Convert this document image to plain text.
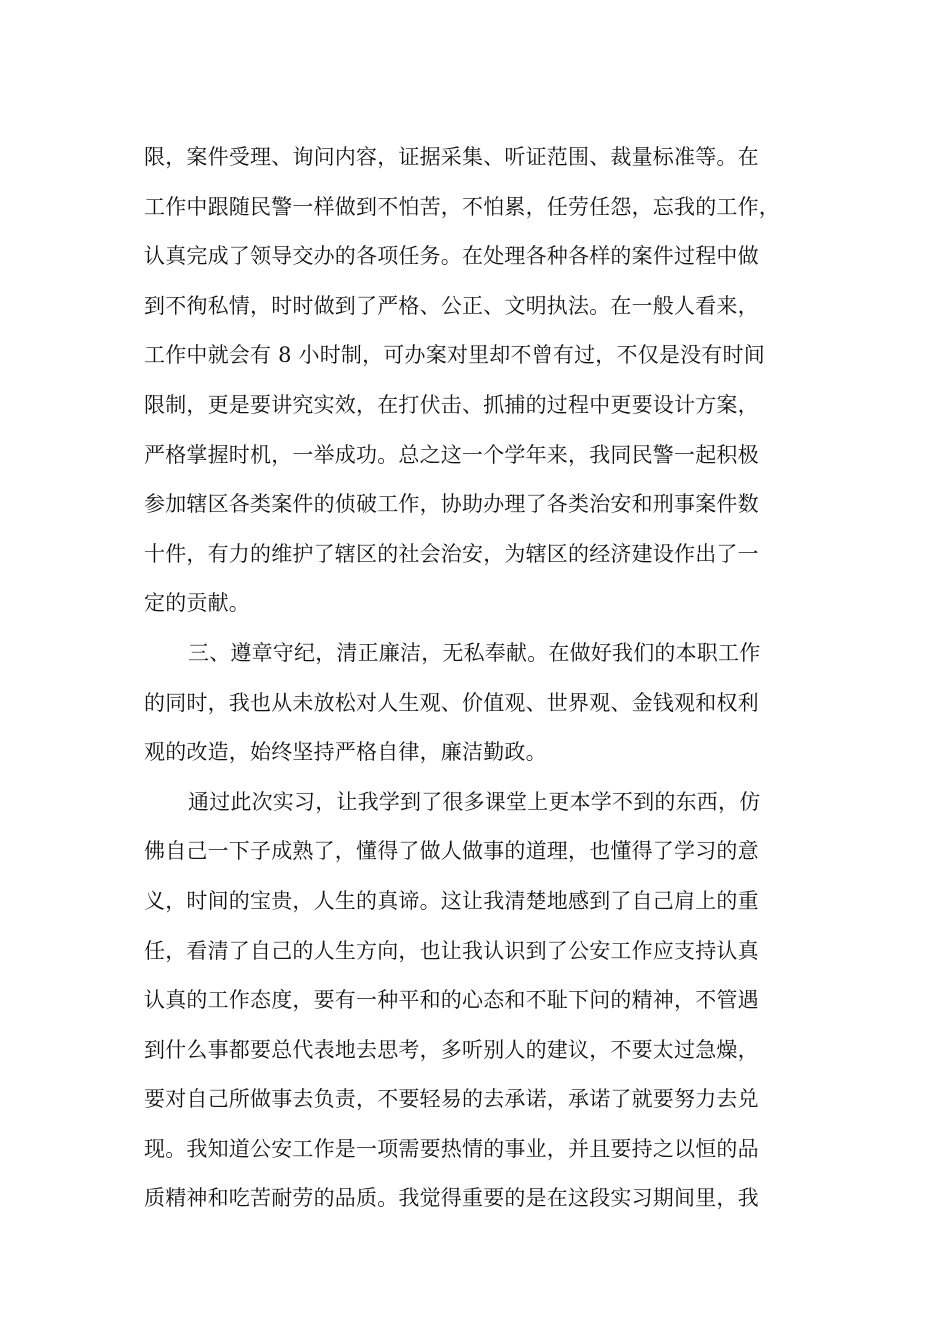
限，案件受理、询问内容，证据采集、听证范围、裁量标准等。在
工作中跟随民警一样做到不怕苦，不怕累，任劳任怨，忘我的工作，
认真完成了领导交办的各项任务。在处理各种各样的案件过程中做
到不徇私情，时时做到了严格、公正、文明执法。在一般人看来，
工作中就会有 8 小时制，可办案对里却不曾有过，不仅是没有时间
限制，更是要讲究实效，在打伏击、抓捕的过程中更要设计方案，
严格掌握时机，一举成功。总之这一个学年来，我同民警一起积极
参加辖区各类案件的侦破工作，协助办理了各类治安和刑事案件数
十件，有力的维护了辖区的社会治安，为辖区的经济建设作出了一
定的贡献。
三、遵章守纪，清正廉洁，无私奉献。在做好我们的本职工作
的同时，我也从未放松对人生观、价值观、世界观、金钱观和权利
观的改造，始终坚持严格自律，廉洁勤政。
通过此次实习，让我学到了很多课堂上更本学不到的东西，仿
佛自己一下子成熟了，懂得了做人做事的道理，也懂得了学习的意
义，时间的宝贵，人生的真谛。这让我清楚地感到了自己肩上的重
任，看清了自己的人生方向，也让我认识到了公安工作应支持认真
认真的工作态度，要有一种平和的心态和不耻下问的精神，不管遇
到什么事都要总代表地去思考，多听别人的建议，不要太过急燥，
要对自己所做事去负责，不要轻易的去承诺，承诺了就要努力去兑
现。我知道公安工作是一项需要热情的事业，并且要持之以恒的品
质精神和吃苦耐劳的品质。我觉得重要的是在这段实习期间里，我
